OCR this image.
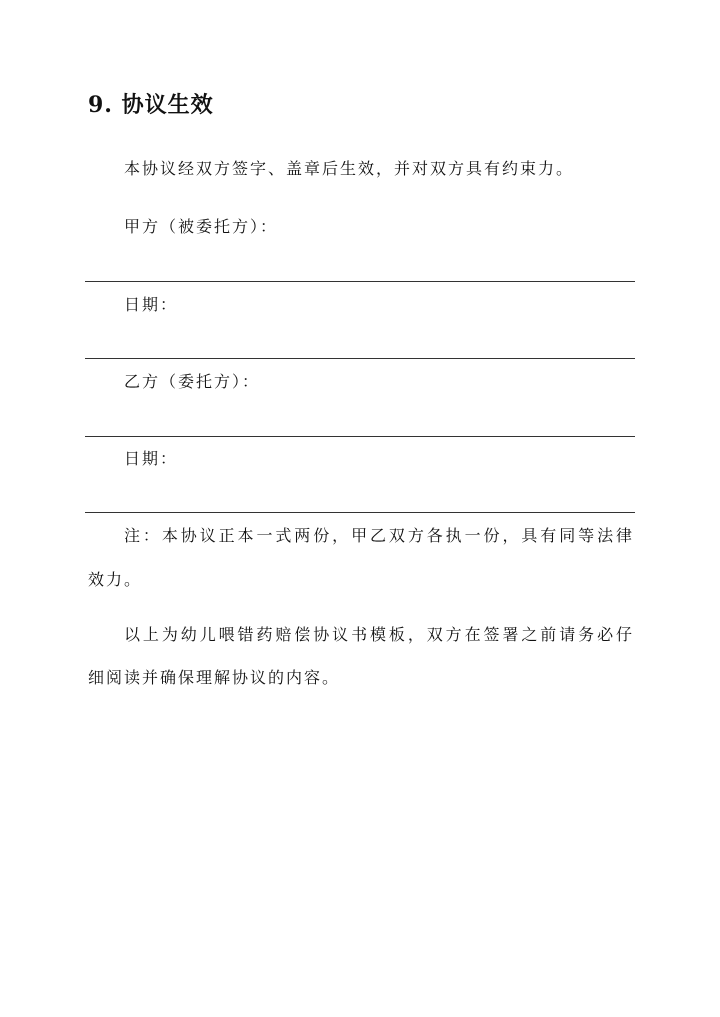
9. 协议生效
本协议经双方签字、盖章后生效，并对双方具有约束力。
甲方（被委托方）：
日期：
乙方（委托方）：
日期：
注：本协议正本一式两份，甲乙双方各执一份，具有同等法律
效力。
以上为幼儿喂错药赔偿协议书模板，双方在签署之前请务必仔
细阅读并确保理解协议的内容。
